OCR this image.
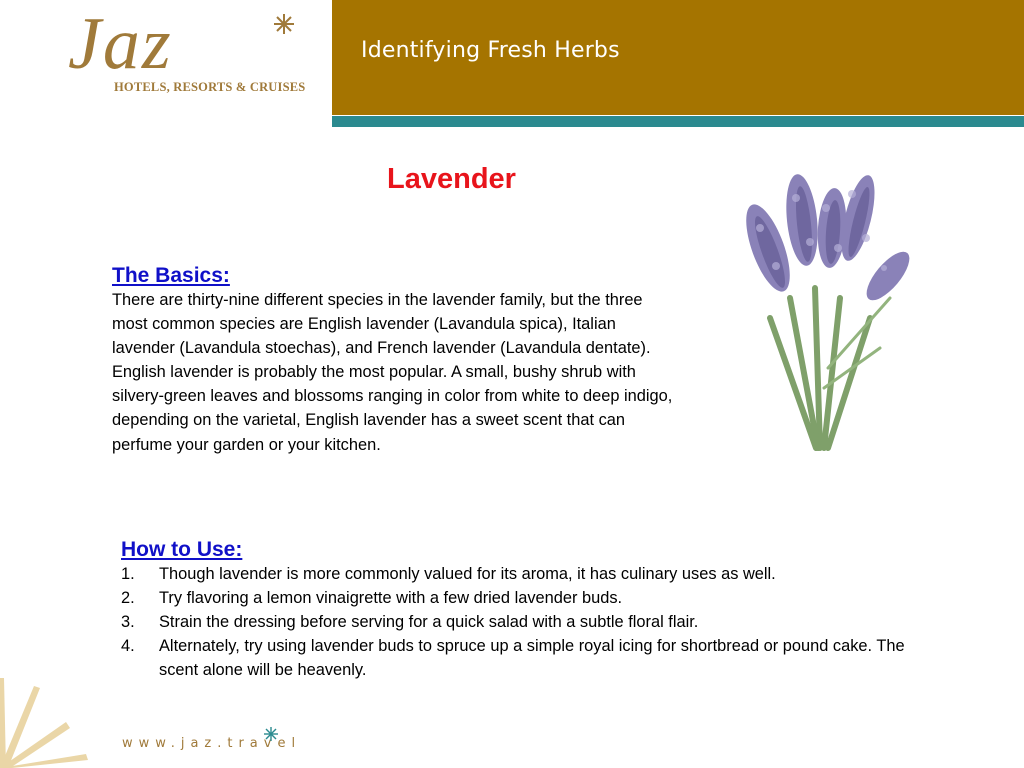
Identifying Fresh Herbs
Jaz
HOTELS, RESORTS & CRUISES
Lavender

The Basics:

There are thirty-nine different species in the lavender family, but the three most common species are English lavender (Lavandula spica), Italian lavender (Lavandula stoechas), and French lavender (Lavandula dentate). English lavender is probably the most popular. A small, bushy shrub with silvery-green leaves and blossoms ranging in color from white to deep indigo, depending on the varietal, English lavender has a sweet scent that can perfume your garden or your kitchen.

How to Use:

1.	Though lavender is more commonly valued for its aroma, it has culinary uses as well.
2.	Try flavoring a lemon vinaigrette with a few dried lavender buds.
3.	Strain the dressing before serving for a quick salad with a subtle floral flair.
4.	Alternately, try using lavender buds to spruce up a simple royal icing for shortbread or pound cake. The scent alone will be heavenly.
www.jaz.travel
